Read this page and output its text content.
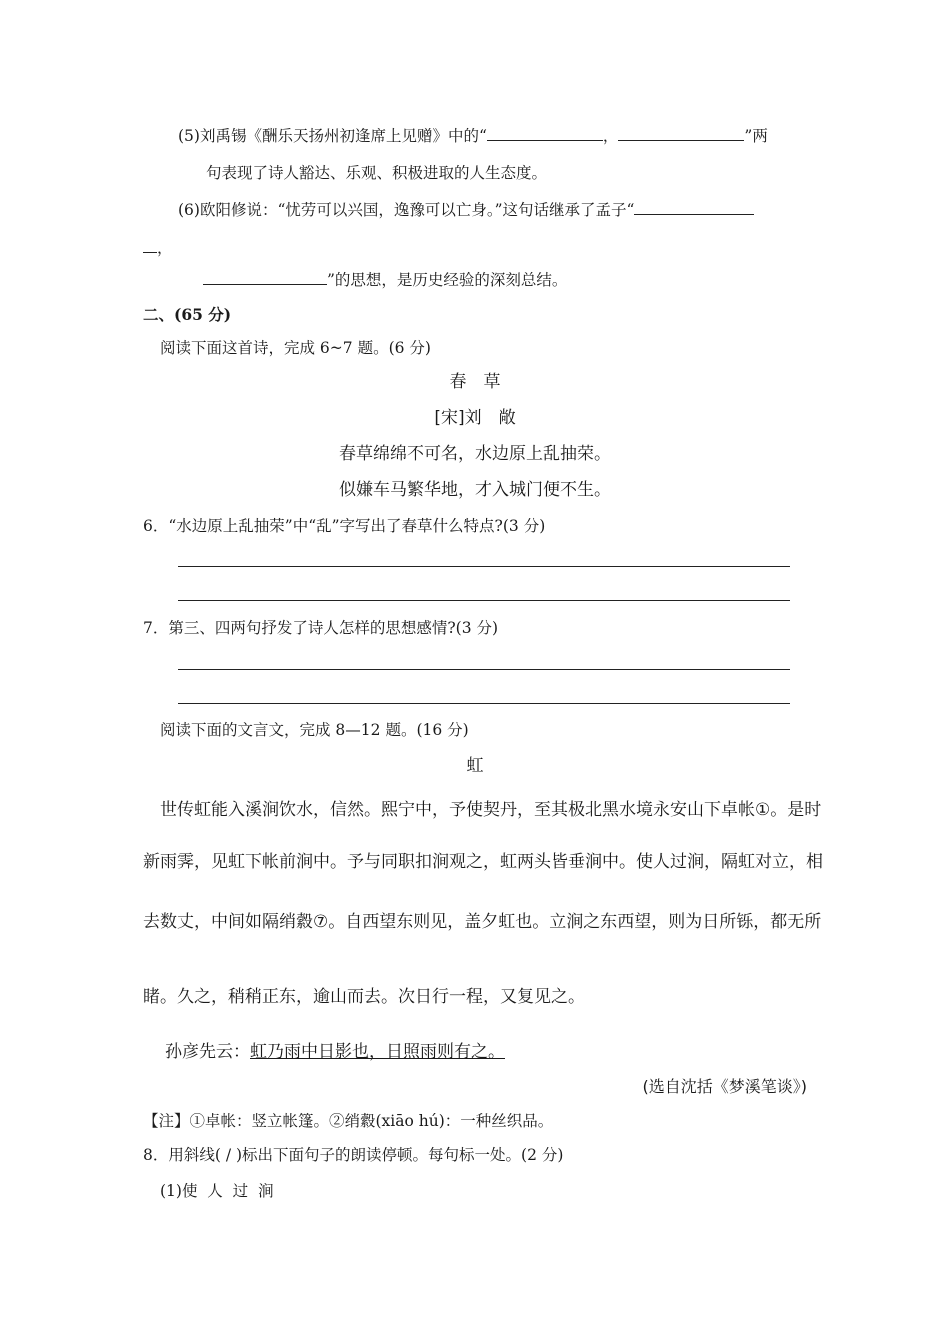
(5)刘禹锡《酬乐天扬州初逢席上见赠》中的“	，	”两
句表现了诗人豁达、乐观、积极进取的人生态度。
(6)欧阳修说：“忧劳可以兴国，逸豫可以亡身。”这句话继承了孟子“
，
”的思想，是历史经验的深刻总结。
二、(65 分)
阅读下面这首诗，完成 6~7 题。(6 分)
春　草
[宋]刘　敞
春草绵绵不可名，水边原上乱抽荣。
似嫌车马繁华地，才入城门便不生。
6．“水边原上乱抽荣”中“乱”字写出了春草什么特点?(3 分)
7．第三、四两句抒发了诗人怎样的思想感情?(3 分)
阅读下面的文言文，完成 8—12 题。(16 分)
虹
世传虹能入溪涧饮水，信然。熙宁中，予使契丹，至其极北黑水境永安山下卓帐①。是时
新雨霁，见虹下帐前涧中。予与同职扣涧观之，虹两头皆垂涧中。使人过涧，隔虹对立，相
去数丈，中间如隔绡縠⑦。自西望东则见，盖夕虹也。立涧之东西望，则为日所铄，都无所
睹。久之，稍稍正东，逾山而去。次日行一程，又复见之。
孙彦先云：虹乃雨中日影也，日照雨则有之。
(选自沈括《梦溪笔谈》)
【注】①卓帐：竖立帐篷。②绡縠(xiāo hú)：一种丝织品。
8．用斜线( / )标出下面句子的朗读停顿。每句标一处。(2 分)
(1)使  人  过  涧
